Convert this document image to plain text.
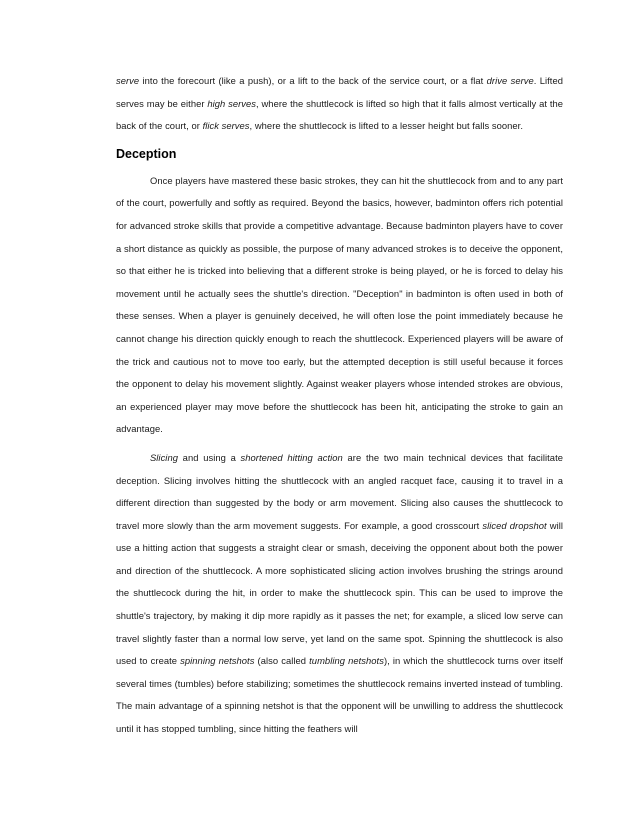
serve into the forecourt (like a push), or a lift to the back of the service court, or a flat drive serve. Lifted serves may be either high serves, where the shuttlecock is lifted so high that it falls almost vertically at the back of the court, or flick serves, where the shuttlecock is lifted to a lesser height but falls sooner.

Deception

Once players have mastered these basic strokes, they can hit the shuttlecock from and to any part of the court, powerfully and softly as required. Beyond the basics, however, badminton offers rich potential for advanced stroke skills that provide a competitive advantage. Because badminton players have to cover a short distance as quickly as possible, the purpose of many advanced strokes is to deceive the opponent, so that either he is tricked into believing that a different stroke is being played, or he is forced to delay his movement until he actually sees the shuttle's direction. "Deception" in badminton is often used in both of these senses. When a player is genuinely deceived, he will often lose the point immediately because he cannot change his direction quickly enough to reach the shuttlecock. Experienced players will be aware of the trick and cautious not to move too early, but the attempted deception is still useful because it forces the opponent to delay his movement slightly. Against weaker players whose intended strokes are obvious, an experienced player may move before the shuttlecock has been hit, anticipating the stroke to gain an advantage.

Slicing and using a shortened hitting action are the two main technical devices that facilitate deception. Slicing involves hitting the shuttlecock with an angled racquet face, causing it to travel in a different direction than suggested by the body or arm movement. Slicing also causes the shuttlecock to travel more slowly than the arm movement suggests. For example, a good crosscourt sliced dropshot will use a hitting action that suggests a straight clear or smash, deceiving the opponent about both the power and direction of the shuttlecock. A more sophisticated slicing action involves brushing the strings around the shuttlecock during the hit, in order to make the shuttlecock spin. This can be used to improve the shuttle's trajectory, by making it dip more rapidly as it passes the net; for example, a sliced low serve can travel slightly faster than a normal low serve, yet land on the same spot. Spinning the shuttlecock is also used to create spinning netshots (also called tumbling netshots), in which the shuttlecock turns over itself several times (tumbles) before stabilizing; sometimes the shuttlecock remains inverted instead of tumbling. The main advantage of a spinning netshot is that the opponent will be unwilling to address the shuttlecock until it has stopped tumbling, since hitting the feathers will
